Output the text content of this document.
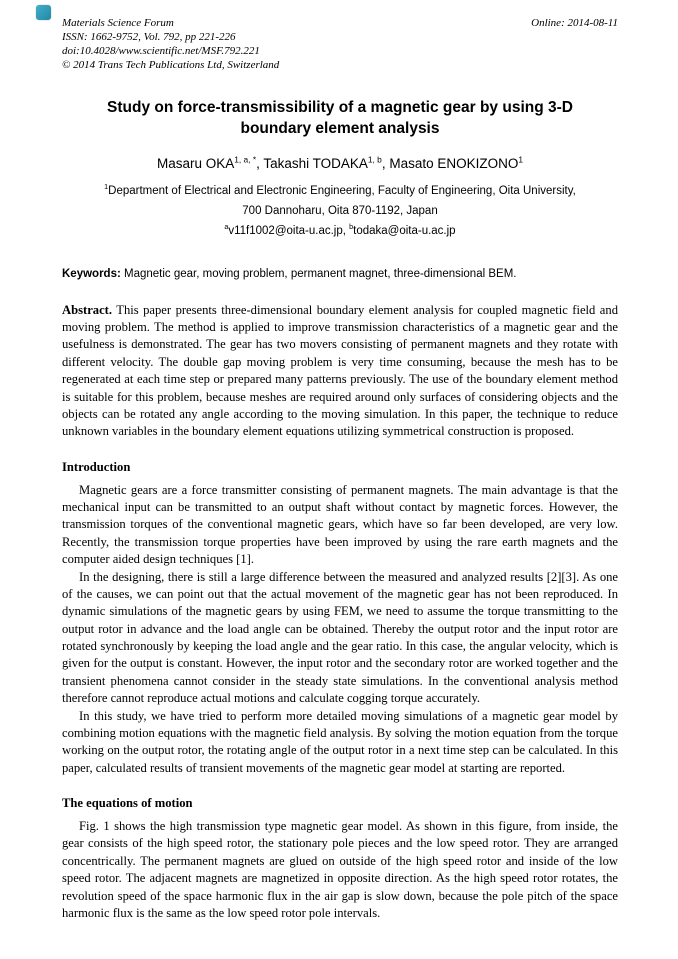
Materials Science Forum
ISSN: 1662-9752, Vol. 792, pp 221-226
doi:10.4028/www.scientific.net/MSF.792.221
© 2014 Trans Tech Publications Ltd, Switzerland
Online: 2014-08-11
Study on force-transmissibility of a magnetic gear by using 3-D boundary element analysis
Masaru $OKA^{1, a, *}$, Takashi TODAKA$^{1, b}$, Masato ENOKIZONO$^1$
$^1$Department of Electrical and Electronic Engineering, Faculty of Engineering, Oita University,
700 Dannoharu, Oita 870-1192, Japan
$^a$v11f1002@oita-u.ac.jp, $^b$todaka@oita-u.ac.jp

Keywords: Magnetic gear, moving problem, permanent magnet, three-dimensional BEM.

Abstract. This paper presents three-dimensional boundary element analysis for coupled magnetic field and moving problem. The method is applied to improve transmission characteristics of a magnetic gear and the usefulness is demonstrated. The gear has two movers consisting of permanent magnets and they rotate with different velocity. The double gap moving problem is very time consuming, because the mesh has to be regenerated at each time step or prepared many patterns previously. The use of the boundary element method is suitable for this problem, because meshes are required around only surfaces of considering objects and the objects can be rotated any angle according to the moving simulation. In this paper, the technique to reduce unknown variables in the boundary element equations utilizing symmetrical construction is proposed.

Introduction

Magnetic gears are a force transmitter consisting of permanent magnets. The main advantage is that the mechanical input can be transmitted to an output shaft without contact by magnetic forces. However, the transmission torques of the conventional magnetic gears, which have so far been developed, are very low. Recently, the transmission torque properties have been improved by using the rare earth magnets and the computer aided design techniques [1].

In the designing, there is still a large difference between the measured and analyzed results [2][3]. As one of the causes, we can point out that the actual movement of the magnetic gear has not been reproduced. In dynamic simulations of the magnetic gears by using FEM, we need to assume the torque transmitting to the output rotor in advance and the load angle can be obtained. Thereby the output rotor and the input rotor are rotated synchronously by keeping the load angle and the gear ratio. In this case, the angular velocity, which is given for the output is constant. However, the input rotor and the secondary rotor are worked together and the transient phenomena cannot consider in the steady state simulations. In the conventional analysis method therefore cannot reproduce actual motions and calculate cogging torque accurately.

In this study, we have tried to perform more detailed moving simulations of a magnetic gear model by combining motion equations with the magnetic field analysis. By solving the motion equation from the torque working on the output rotor, the rotating angle of the output rotor in a next time step can be calculated. In this paper, calculated results of transient movements of the magnetic gear model at starting are reported.

The equations of motion

Fig. 1 shows the high transmission type magnetic gear model. As shown in this figure, from inside, the gear consists of the high speed rotor, the stationary pole pieces and the low speed rotor. They are arranged concentrically. The permanent magnets are glued on outside of the high speed rotor and inside of the low speed rotor. The adjacent magnets are magnetized in opposite direction. As the high speed rotor rotates, the revolution speed of the space harmonic flux in the air gap is slow down, because the pole pitch of the space harmonic flux is the same as the low speed rotor pole intervals.
